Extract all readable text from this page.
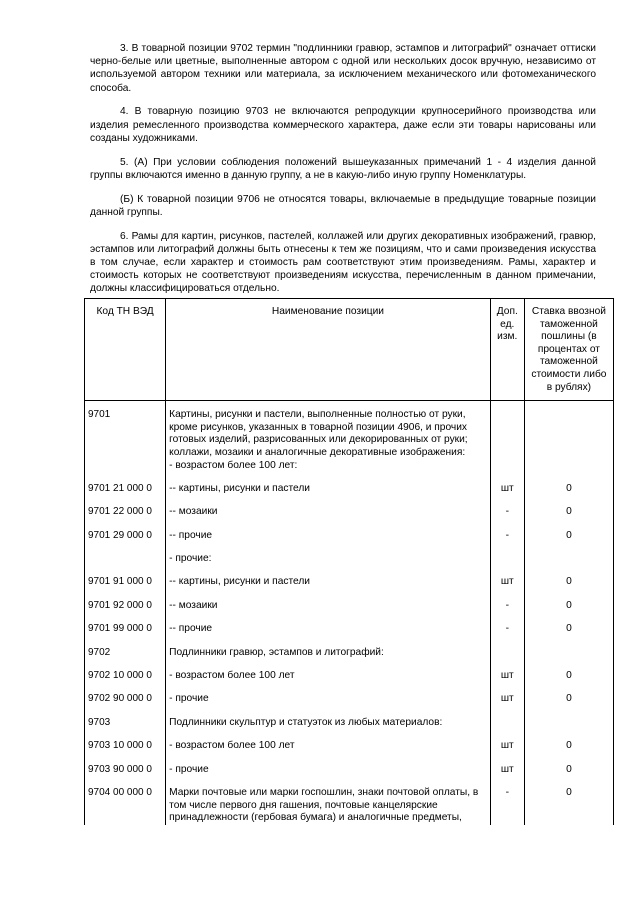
3. В товарной позиции 9702 термин "подлинники гравюр, эстампов и литографий" означает оттиски черно-белые или цветные, выполненные автором с одной или нескольких досок вручную, независимо от используемой автором техники или материала, за исключением механического или фотомеханического способа.

4. В товарную позицию 9703 не включаются репродукции крупносерийного производства или изделия ремесленного производства коммерческого характера, даже если эти товары нарисованы или созданы художниками.

5. (А) При условии соблюдения положений вышеуказанных примечаний 1 - 4 изделия данной группы включаются именно в данную группу, а не в какую-либо иную группу Номенклатуры.

(Б) К товарной позиции 9706 не относятся товары, включаемые в предыдущие товарные позиции данной группы.

6. Рамы для картин, рисунков, пастелей, коллажей или других декоративных изображений, гравюр, эстампов или литографий должны быть отнесены к тем же позициям, что и сами произведения искусства в том случае, если характер и стоимость рам соответствуют этим произведениям. Рамы, характер и стоимость которых не соответствуют произведениям искусства, перечисленным в данном примечании, должны классифицироваться отдельно.

Код ТН ВЭД	Наименование позиции	Доп. ед. изм.	Ставка ввозной таможенной пошлины (в процентах от таможенной стоимости либо в рублях)
9701	Картины, рисунки и пастели, выполненные полностью от руки, кроме рисунков, указанных в товарной позиции 4906, и прочих готовых изделий, разрисованных или декорированных от руки; коллажи, мозаики и аналогичные декоративные изображения:		
	- возрастом более 100 лет:		
9701 21 000 0	-- картины, рисунки и пастели	шт	0
9701 22 000 0	-- мозаики	-	0
9701 29 000 0	-- прочие	-	0
	- прочие:		
9701 91 000 0	-- картины, рисунки и пастели	шт	0
9701 92 000 0	-- мозаики	-	0
9701 99 000 0	-- прочие	-	0
9702	Подлинники гравюр, эстампов и литографий:		
9702 10 000 0	- возрастом более 100 лет	шт	0
9702 90 000 0	- прочие	шт	0
9703	Подлинники скульптур и статуэток из любых материалов:		
9703 10 000 0	- возрастом более 100 лет	шт	0
9703 90 000 0	- прочие	шт	0
9704 00 000 0	Марки почтовые или марки госпошлин, знаки почтовой оплаты, в том числе первого дня гашения, почтовые канцелярские принадлежности (гербовая бумага) и аналогичные предметы,	-	0
